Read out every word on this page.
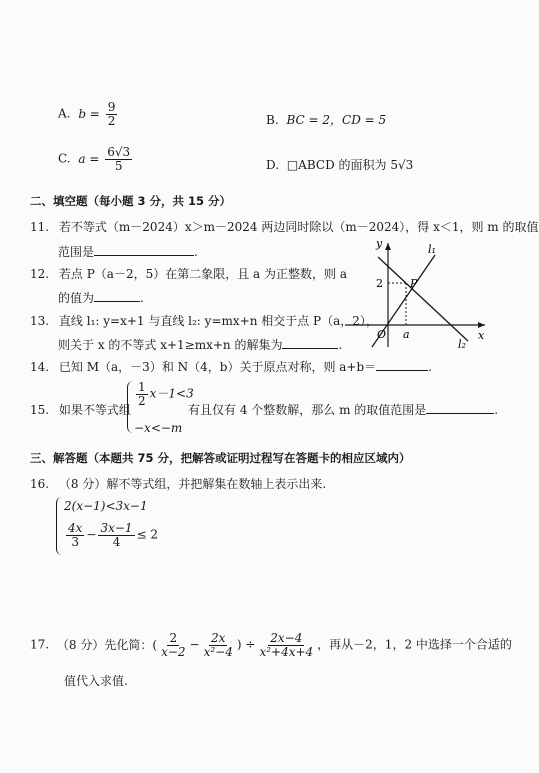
A. $b = \frac{9}{2}$	B. BC = 2，CD = 5
C. $a = \frac{6√3}{5}$	D. □ABCD 的面积为 5√3
二、填空题（每小题 3 分，共 15 分）
11. 若不等式（m－2024）x＞m－2024 两边同时除以（m－2024），得 x＜1，则 m 的取值
范围是	.
12. 若点 P（a－2，5）在第二象限，且 a 为正整数，则 a
的值为	.
13. 直线 l₁: y=x+1 与直线 l₂: y=mx+n 相交于点 P（a，2），
则关于 x 的不等式 x+1≥mx+n 的解集为	.
14. 已知 M（a，－3）和 N（4，b）关于原点对称，则 a+b＝	.
15. 如果不等式组
$\frac{1}{2} x-1<3$
−x<−m
有且仅有 4 个整数解，那么 m 的取值范围是	.
三、解答题（本题共 75 分，把解答或证明过程写在答题卡的相应区域内）
16. （8 分）解不等式组，并把解集在数轴上表示出来.
2(x−1)<3x−1
$\frac{4x}{3} - \frac{3x-1}{4} \le 2$
17. （8 分）先化简：( $\frac{2}{x-2} - \frac{2x}{\text{x²−4}}$ ) ÷ $\frac{2x-4}{\text{x²+4x+4}}$ ，再从－2，1，2 中选择一个合适的
值代入求值.
y
x
O
l₁
l₂
P
2
a
